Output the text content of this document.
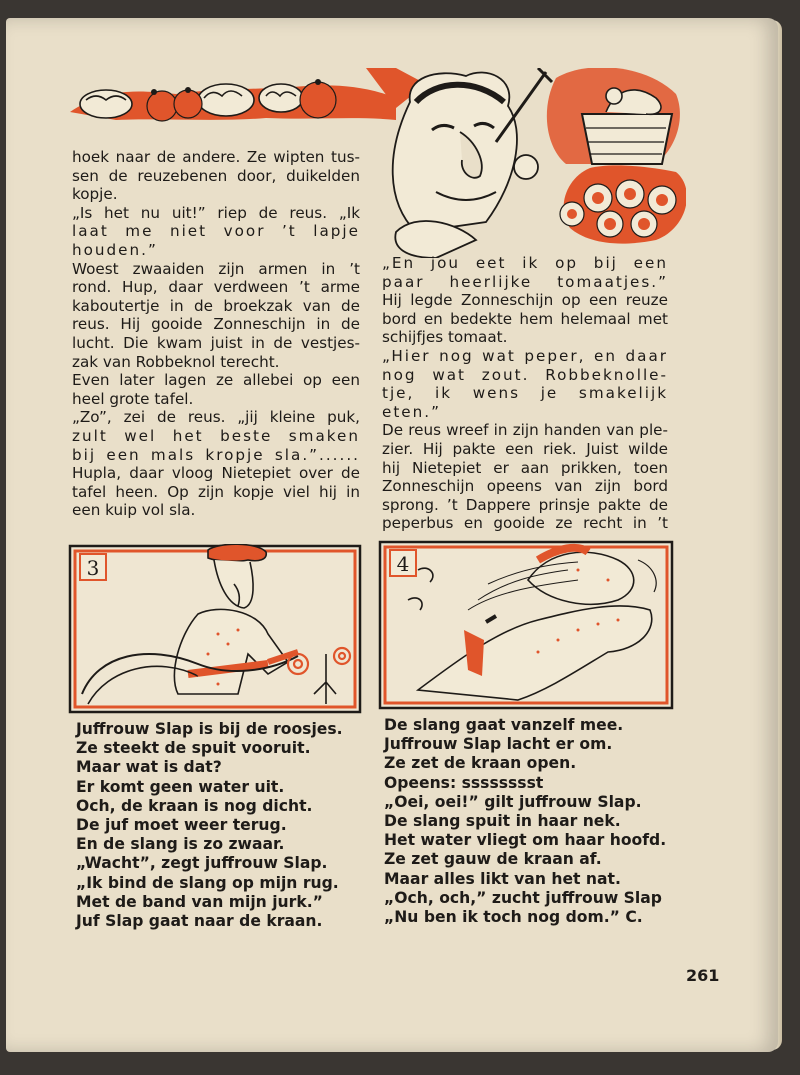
hoek naar de andere. Ze wipten tus-

sen de reuzebenen door, duikelden

kopje.

„Is het nu uit!” riep de reus. „Ik

laat me niet voor ’t lapje

houden.”

Woest zwaaiden zijn armen in ’t

rond. Hup, daar verdween ’t arme

kaboutertje in de broekzak van de

reus. Hij gooide Zonneschijn in de

lucht. Die kwam juist in de vestjes-

zak van Robbeknol terecht.

Even later lagen ze allebei op een

heel grote tafel.

„Zo”, zei de reus. „jij kleine puk,

zult wel het beste smaken

bij een mals kropje sla.”......

Hupla, daar vloog Nietepiet over de

tafel heen. Op zijn kopje viel hij in

een kuip vol sla.

„En jou eet ik op bij een

paar heerlijke tomaatjes.”

Hij legde Zonneschijn op een reuze

bord en bedekte hem helemaal met

schijfjes tomaat.

„Hier nog wat peper, en daar

nog wat zout. Robbeknolle-

tje, ik wens je smakelijk eten.”

De reus wreef in zijn handen van ple-

zier. Hij pakte een riek. Juist wilde

hij Nietepiet er aan prikken, toen

Zonneschijn opeens van zijn bord

sprong. ’t Dappere prinsje pakte de

peperbus en gooide ze recht in ’t

3	4

Juffrouw Slap is bij de roosjes.

Ze steekt de spuit vooruit.

Maar wat is dat?

Er komt geen water uit.

Och, de kraan is nog dicht.

De juf moet weer terug.

En de slang is zo zwaar.

„Wacht”, zegt juffrouw Slap.

„Ik bind de slang op mijn rug.

Met de band van mijn jurk.”

Juf Slap gaat naar de kraan.

De slang gaat vanzelf mee.

Juffrouw Slap lacht er om.

Ze zet de kraan open.

Opeens: sssssssst

„Oei, oei!” gilt juffrouw Slap.

De slang spuit in haar nek.

Het water vliegt om haar hoofd.

Ze zet gauw de kraan af.

Maar alles likt van het nat.

„Och, och,” zucht juffrouw Slap

„Nu ben ik toch nog dom.” C.

261
